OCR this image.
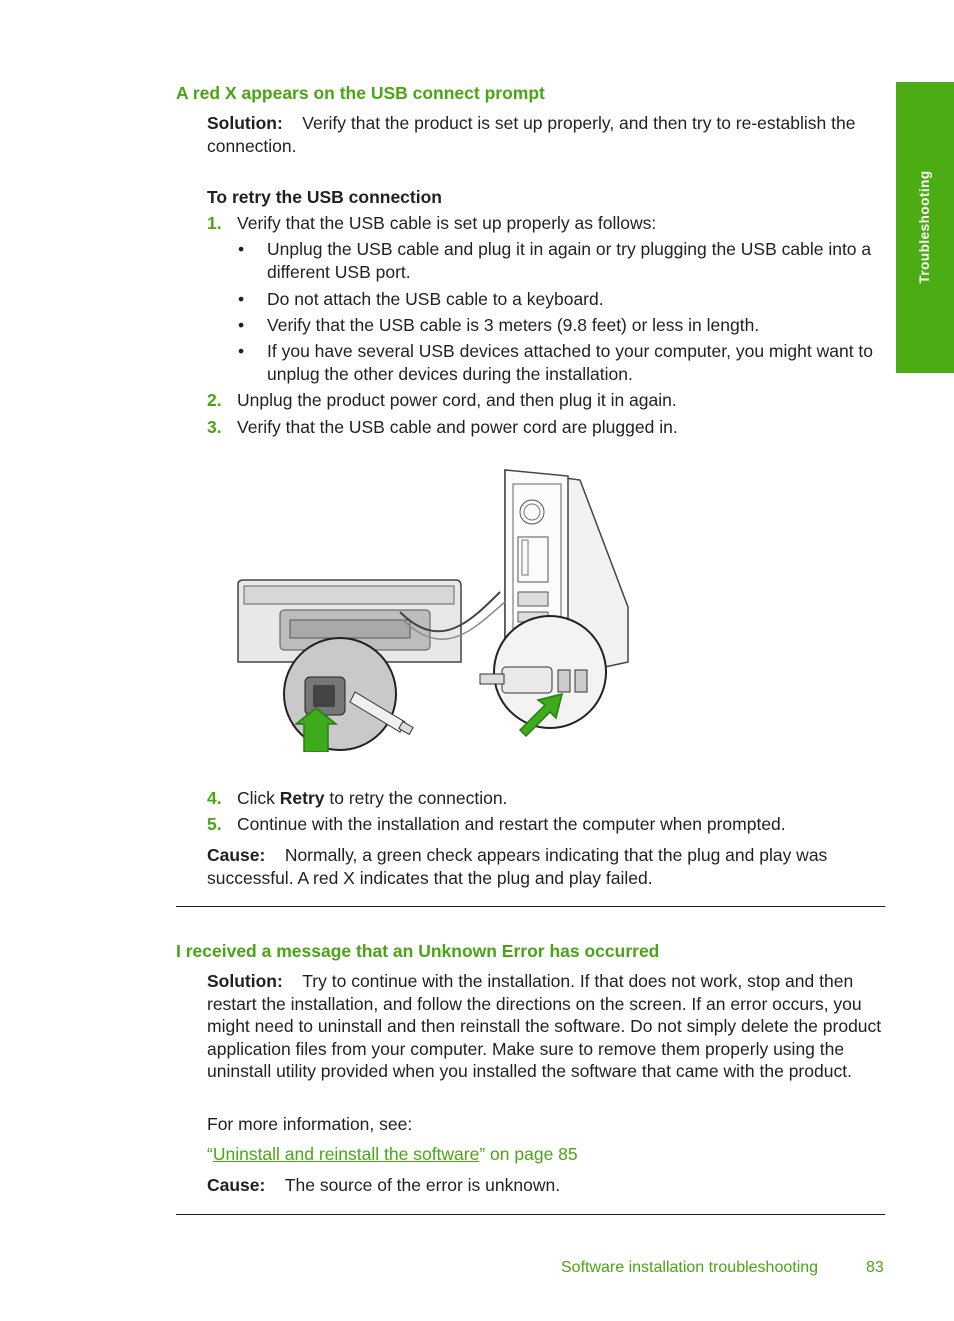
Troubleshooting
A red X appears on the USB connect prompt
Solution: Verify that the product is set up properly, and then try to re-establish the connection.
To retry the USB connection
1. Verify that the USB cable is set up properly as follows:
• Unplug the USB cable and plug it in again or try plugging the USB cable into a different USB port.
• Do not attach the USB cable to a keyboard.
• Verify that the USB cable is 3 meters (9.8 feet) or less in length.
• If you have several USB devices attached to your computer, you might want to unplug the other devices during the installation.
2. Unplug the product power cord, and then plug it in again.
3. Verify that the USB cable and power cord are plugged in.
4. Click Retry to retry the connection.
5. Continue with the installation and restart the computer when prompted.
Cause: Normally, a green check appears indicating that the plug and play was successful. A red X indicates that the plug and play failed.
I received a message that an Unknown Error has occurred
Solution: Try to continue with the installation. If that does not work, stop and then restart the installation, and follow the directions on the screen. If an error occurs, you might need to uninstall and then reinstall the software. Do not simply delete the product application files from your computer. Make sure to remove them properly using the uninstall utility provided when you installed the software that came with the product.
For more information, see:
“Uninstall and reinstall the software” on page 85
Cause: The source of the error is unknown.
Software installation troubleshooting	83
